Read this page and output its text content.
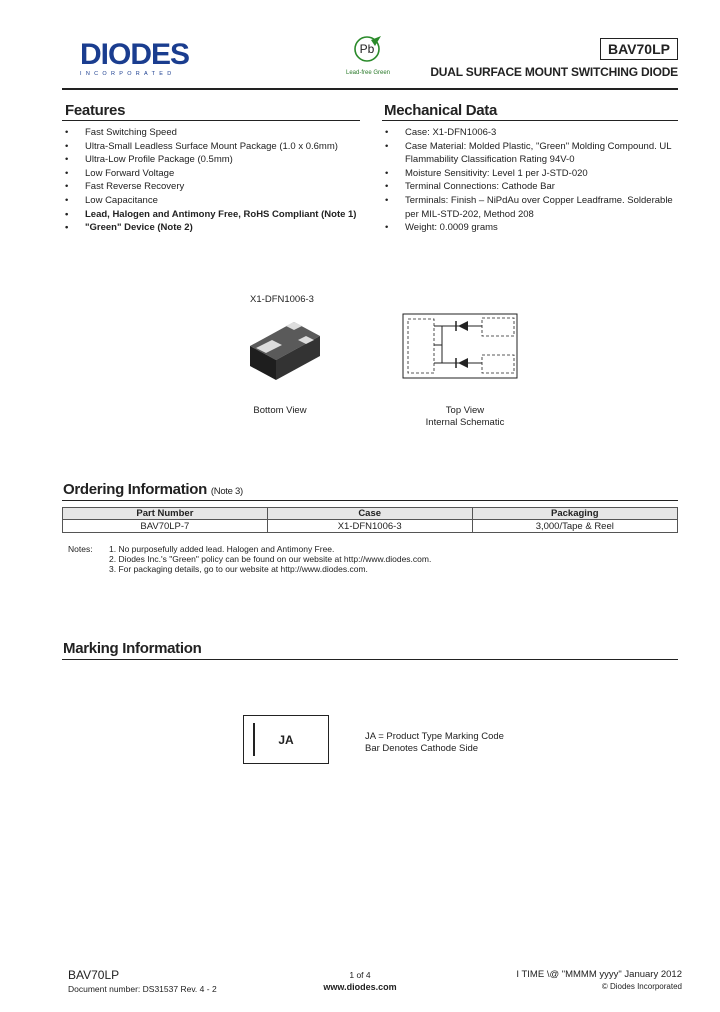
DIODES
INCORPORATED
Pb
Lead-free Green
BAV70LP
DUAL SURFACE MOUNT SWITCHING DIODE
Features
• Fast Switching Speed
• Ultra-Small Leadless Surface Mount Package (1.0 x 0.6mm)
• Ultra-Low Profile Package (0.5mm)
• Low Forward Voltage
• Fast Reverse Recovery
• Low Capacitance
• Lead, Halogen and Antimony Free, RoHS Compliant (Note 1)
• "Green" Device (Note 2)
Mechanical Data
• Case: X1-DFN1006-3
• Case Material: Molded Plastic, "Green" Molding Compound. UL Flammability Classification Rating 94V-0
• Moisture Sensitivity: Level 1 per J-STD-020
• Terminal Connections: Cathode Bar
• Terminals: Finish – NiPdAu over Copper Leadframe. Solderable per MIL-STD-202, Method 208
• Weight: 0.0009 grams
X1-DFN1006-3
Bottom View	Top View
Internal Schematic
Ordering Information (Note 3)
Part Number	Case	Packaging
BAV70LP-7	X1-DFN1006-3	3,000/Tape & Reel
Notes: 1. No purposefully added lead. Halogen and Antimony Free.
2. Diodes Inc.'s "Green" policy can be found on our website at http://www.diodes.com.
3. For packaging details, go to our website at http://www.diodes.com.
Marking Information
JA	JA = Product Type Marking Code
Bar Denotes Cathode Side
BAV70LP
Document number: DS31537 Rev. 4 - 2
1 of 4
www.diodes.com
I TIME \@ "MMMM yyyy" January 2012
© Diodes Incorporated
